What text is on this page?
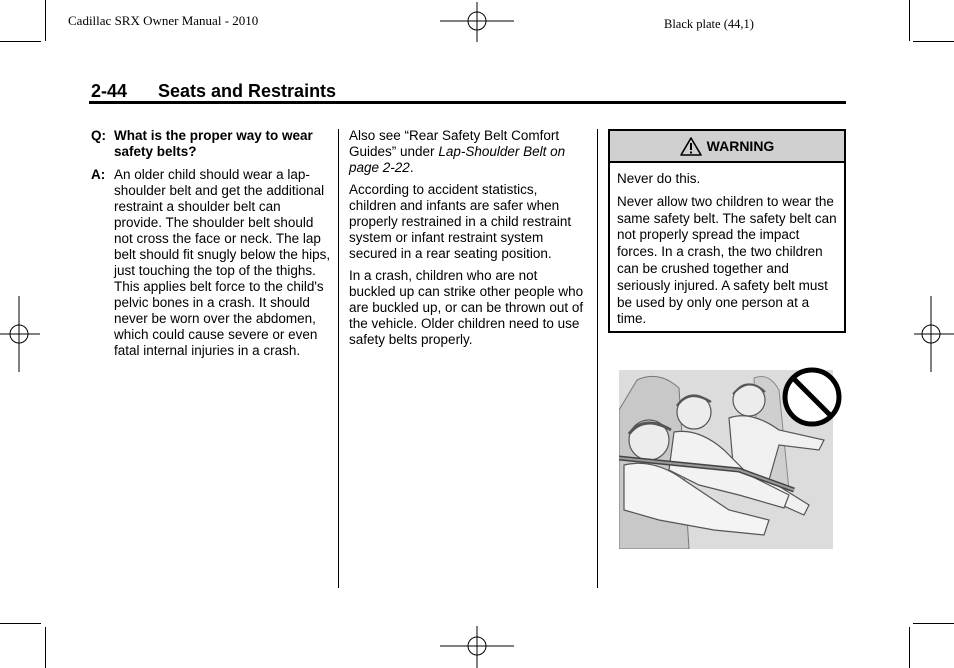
Cadillac SRX Owner Manual - 2010	Black plate (44,1)
2-44 Seats and Restraints
Q: What is the proper way to wear safety belts?
A: An older child should wear a lap-shoulder belt and get the additional restraint a shoulder belt can provide. The shoulder belt should not cross the face or neck. The lap belt should fit snugly below the hips, just touching the top of the thighs. This applies belt force to the child's pelvic bones in a crash. It should never be worn over the abdomen, which could cause severe or even fatal internal injuries in a crash.

Also see “Rear Safety Belt Comfort Guides” under Lap-Shoulder Belt on page 2-22.

According to accident statistics, children and infants are safer when properly restrained in a child restraint system or infant restraint system secured in a rear seating position.

In a crash, children who are not buckled up can strike other people who are buckled up, or can be thrown out of the vehicle. Older children need to use safety belts properly.

WARNING

Never do this.

Never allow two children to wear the same safety belt. The safety belt can not properly spread the impact forces. In a crash, the two children can be crushed together and seriously injured. A safety belt must be used by only one person at a time.
